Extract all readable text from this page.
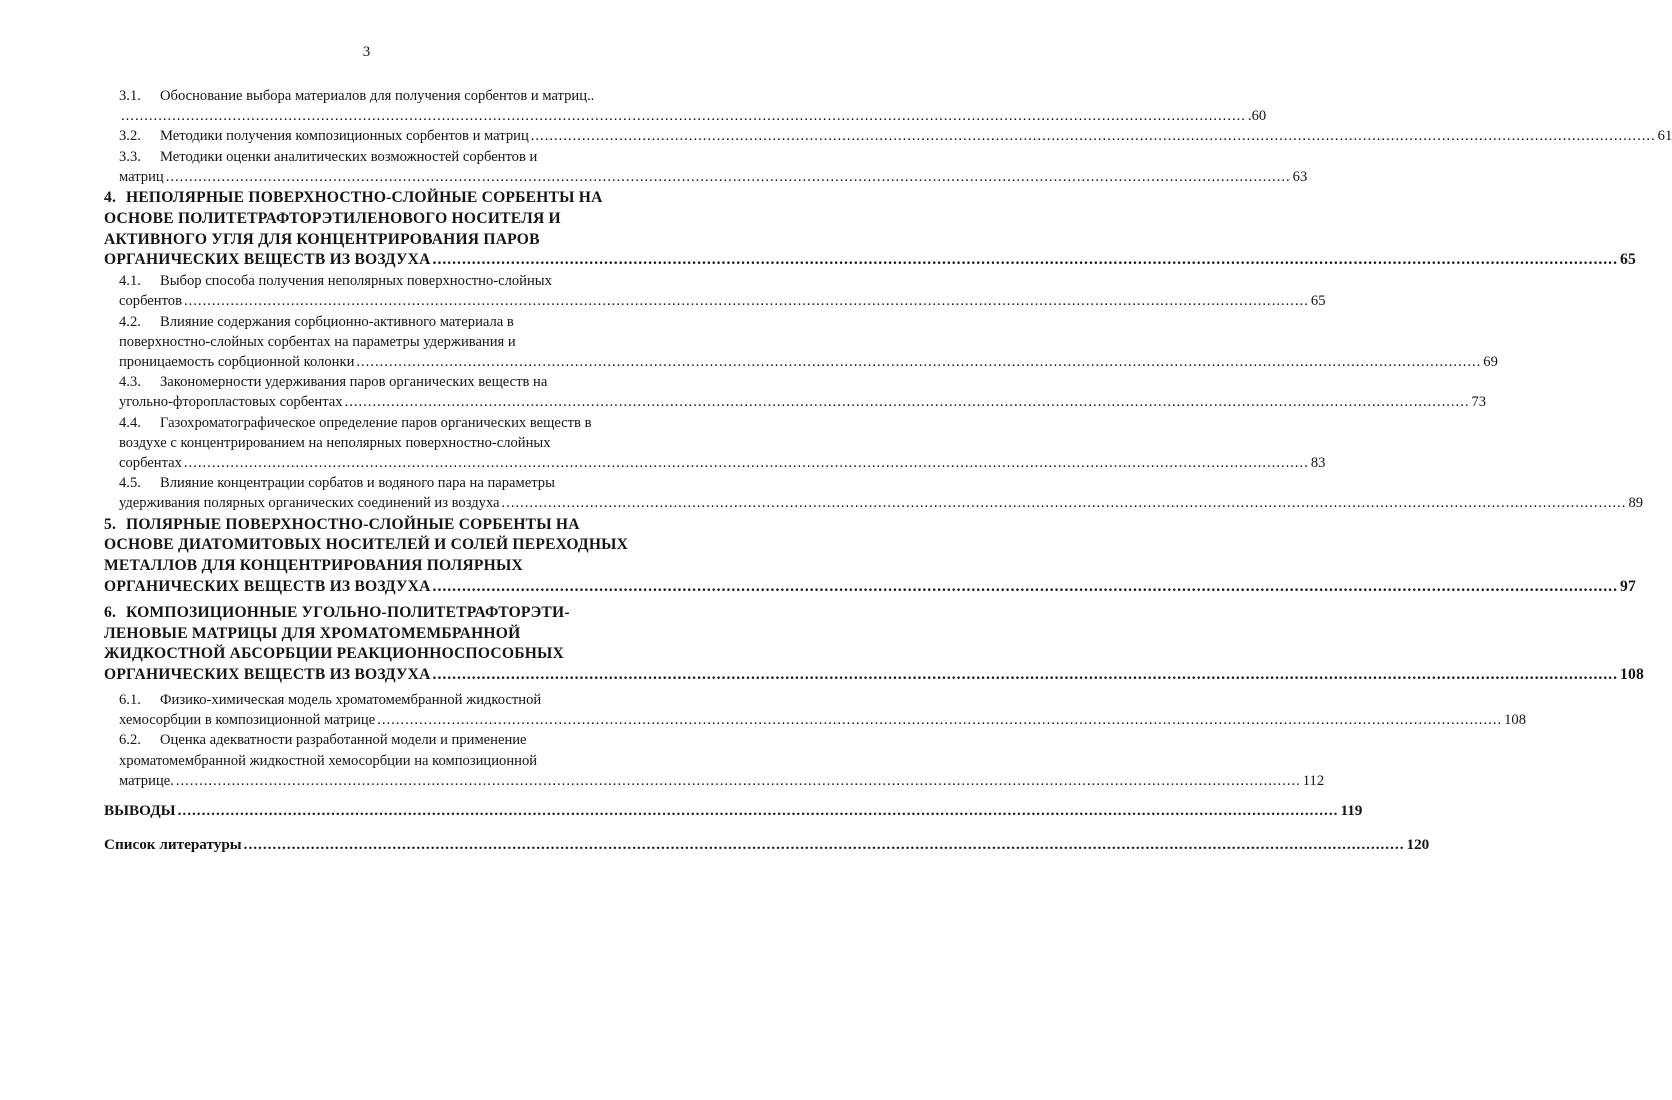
3
3.1. Обоснование выбора материалов для получения сорбентов и матриц..
.................................................................................................................................................................................................................................................. .60
3.2. Методики получения композиционных сорбентов и матриц .................................................................................................................................................................................................................................................. 61
3.3. Методики оценки аналитических возможностей сорбентов и
матриц .................................................................................................................................................................................................................................................. 63
4. НЕПОЛЯРНЫЕ ПОВЕРХНОСТНО-СЛОЙНЫЕ СОРБЕНТЫ НА
ОСНОВЕ ПОЛИТЕТРАФТОРЭТИЛЕНОВОГО НОСИТЕЛЯ И
АКТИВНОГО УГЛЯ ДЛЯ КОНЦЕНТРИРОВАНИЯ ПАРОВ
ОРГАНИЧЕСКИХ ВЕЩЕСТВ ИЗ ВОЗДУХА .................................................................................................................................................................................................................................................. 65
4.1. Выбор способа получения неполярных поверхностно-слойных
сорбентов .................................................................................................................................................................................................................................................. 65
4.2. Влияние содержания сорбционно-активного материала в
поверхностно-слойных сорбентах на параметры удерживания и
проницаемость сорбционной колонки .................................................................................................................................................................................................................................................. 69
4.3. Закономерности удерживания паров органических веществ на
угольно-фторопластовых сорбентах .................................................................................................................................................................................................................................................. 73
4.4. Газохроматографическое определение паров органических веществ в
воздухе с концентрированием на неполярных поверхностно-слойных
сорбентах .................................................................................................................................................................................................................................................. 83
4.5. Влияние концентрации сорбатов и водяного пара на параметры
удерживания полярных органических соединений из воздуха .................................................................................................................................................................................................................................................. 89
5. ПОЛЯРНЫЕ ПОВЕРХНОСТНО-СЛОЙНЫЕ СОРБЕНТЫ НА
ОСНОВЕ ДИАТОМИТОВЫХ НОСИТЕЛЕЙ И СОЛЕЙ ПЕРЕХОДНЫХ
МЕТАЛЛОВ ДЛЯ КОНЦЕНТРИРОВАНИЯ ПОЛЯРНЫХ
ОРГАНИЧЕСКИХ ВЕЩЕСТВ ИЗ ВОЗДУХА .................................................................................................................................................................................................................................................. 97
6. КОМПОЗИЦИОННЫЕ УГОЛЬНО-ПОЛИТЕТРАФТОРЭТИ-
ЛЕНОВЫЕ МАТРИЦЫ ДЛЯ ХРОМАТОМЕМБРАННОЙ
ЖИДКОСТНОЙ АБСОРБЦИИ РЕАКЦИОННОСПОСОБНЫХ
ОРГАНИЧЕСКИХ ВЕЩЕСТВ ИЗ ВОЗДУХА .................................................................................................................................................................................................................................................. 108
6.1. Физико-химическая модель хроматомембранной жидкостной
хемосорбции в композиционной матрице .................................................................................................................................................................................................................................................. 108
6.2. Оценка адекватности разработанной модели и применение
хроматомембранной жидкостной хемосорбции на композиционной
матрице. .................................................................................................................................................................................................................................................. 112
ВЫВОДЫ .................................................................................................................................................................................................................................................. 119
Список литературы .................................................................................................................................................................................................................................................. 120
